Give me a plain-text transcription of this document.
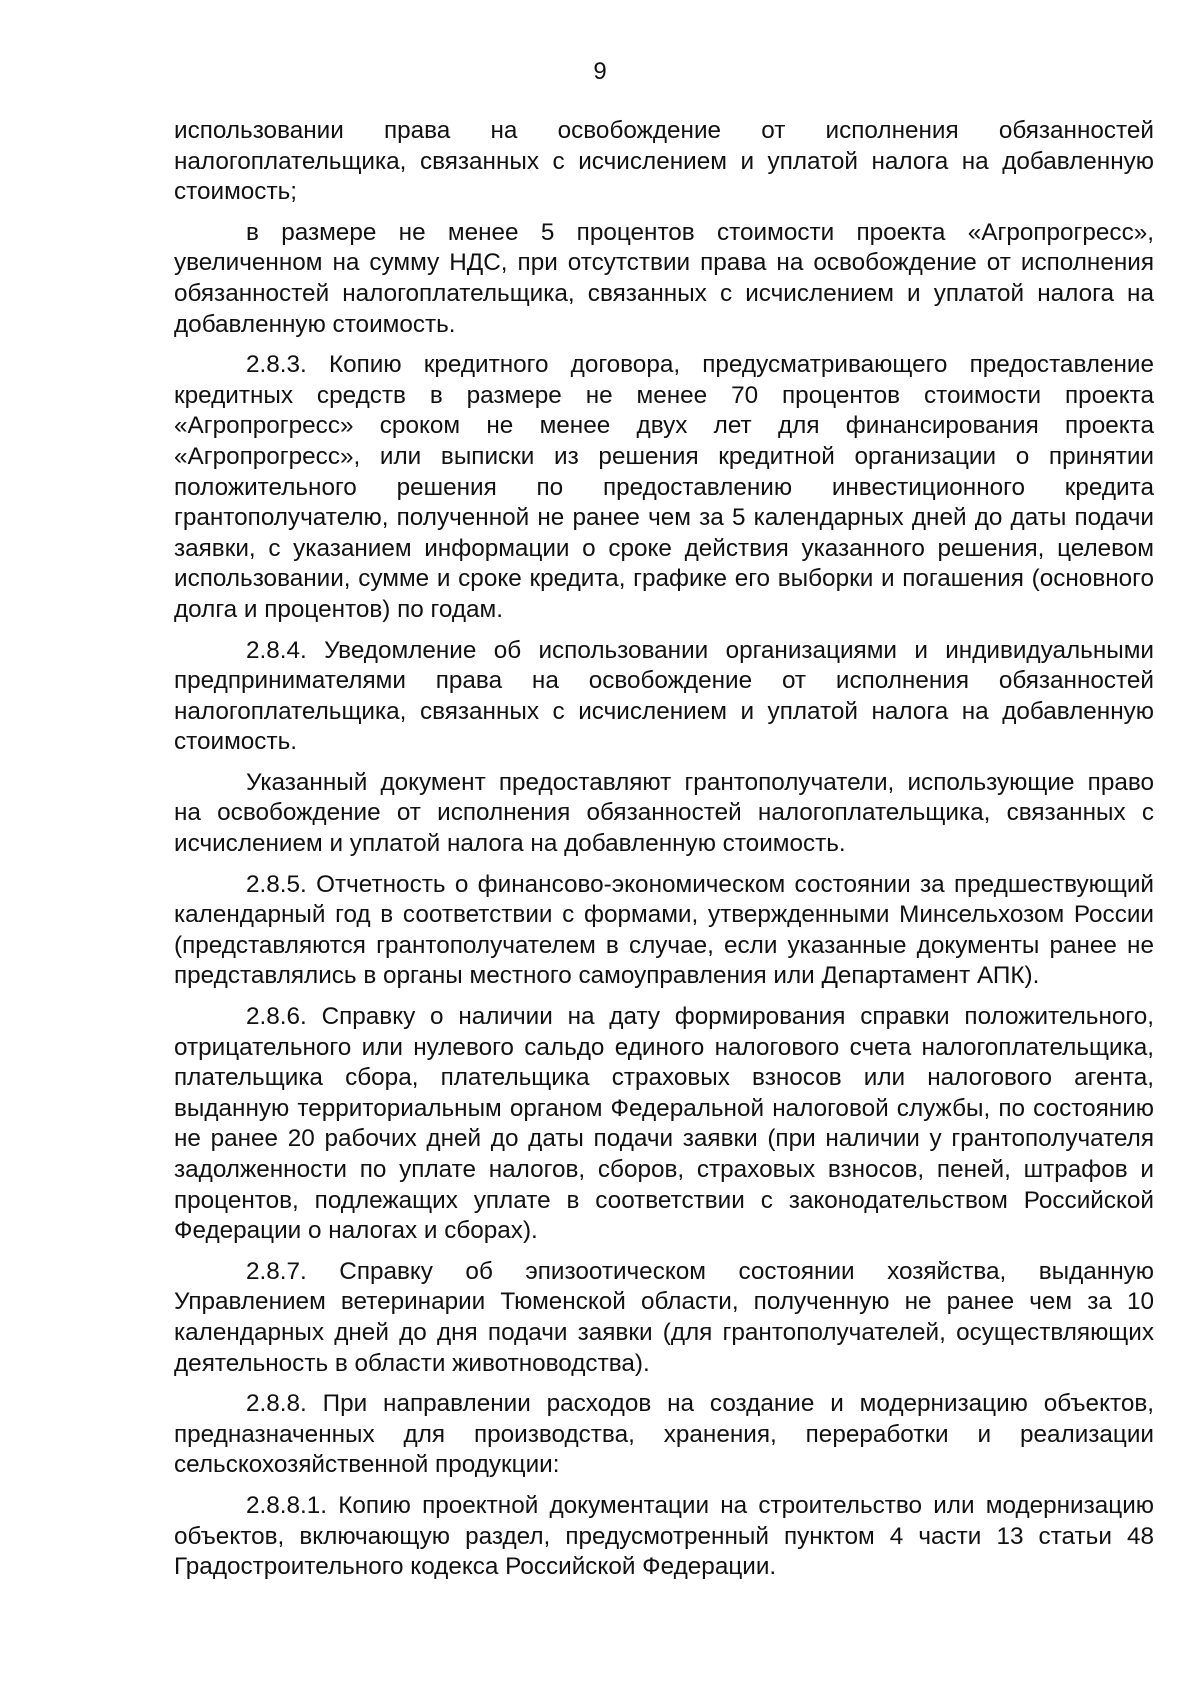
9

использовании права на освобождение от исполнения обязанностей налогоплательщика, связанных с исчислением и уплатой налога на добавленную стоимость;

в размере не менее 5 процентов стоимости проекта «Агропрогресс», увеличенном на сумму НДС, при отсутствии права на освобождение от исполнения обязанностей налогоплательщика, связанных с исчислением и уплатой налога на добавленную стоимость.

2.8.3. Копию кредитного договора, предусматривающего предоставление кредитных средств в размере не менее 70 процентов стоимости проекта «Агропрогресс» сроком не менее двух лет для финансирования проекта «Агропрогресс», или выписки из решения кредитной организации о принятии положительного решения по предоставлению инвестиционного кредита грантополучателю, полученной не ранее чем за 5 календарных дней до даты подачи заявки, с указанием информации о сроке действия указанного решения, целевом использовании, сумме и сроке кредита, графике его выборки и погашения (основного долга и процентов) по годам.

2.8.4. Уведомление об использовании организациями и индивидуальными предпринимателями права на освобождение от исполнения обязанностей налогоплательщика, связанных с исчислением и уплатой налога на добавленную стоимость.

Указанный документ предоставляют грантополучатели, использующие право на освобождение от исполнения обязанностей налогоплательщика, связанных с исчислением и уплатой налога на добавленную стоимость.

2.8.5. Отчетность о финансово-экономическом состоянии за предшествующий календарный год в соответствии с формами, утвержденными Минсельхозом России (представляются грантополучателем в случае, если указанные документы ранее не представлялись в органы местного самоуправления или Департамент АПК).

2.8.6. Справку о наличии на дату формирования справки положительного, отрицательного или нулевого сальдо единого налогового счета налогоплательщика, плательщика сбора, плательщика страховых взносов или налогового агента, выданную территориальным органом Федеральной налоговой службы, по состоянию не ранее 20 рабочих дней до даты подачи заявки (при наличии у грантополучателя задолженности по уплате налогов, сборов, страховых взносов, пеней, штрафов и процентов, подлежащих уплате в соответствии с законодательством Российской Федерации о налогах и сборах).

2.8.7. Справку об эпизоотическом состоянии хозяйства, выданную Управлением ветеринарии Тюменской области, полученную не ранее чем за 10 календарных дней до дня подачи заявки (для грантополучателей, осуществляющих деятельность в области животноводства).

2.8.8. При направлении расходов на создание и модернизацию объектов, предназначенных для производства, хранения, переработки и реализации сельскохозяйственной продукции:

2.8.8.1. Копию проектной документации на строительство или модернизацию объектов, включающую раздел, предусмотренный пунктом 4 части 13 статьи 48 Градостроительного кодекса Российской Федерации.
